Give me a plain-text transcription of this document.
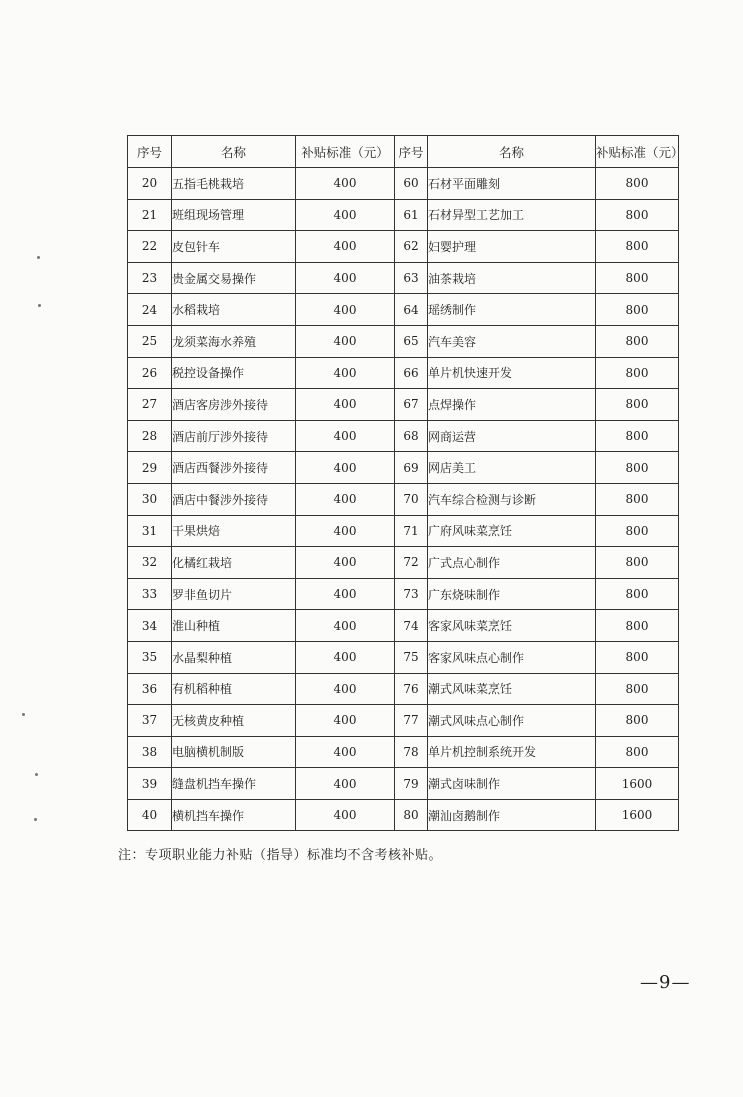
序号	名称	补贴标准（元）	序号	名称	补贴标准（元）
20	五指毛桃栽培	400	60	石材平面雕刻	800
21	班组现场管理	400	61	石材异型工艺加工	800
22	皮包针车	400	62	妇婴护理	800
23	贵金属交易操作	400	63	油茶栽培	800
24	水稻栽培	400	64	瑶绣制作	800
25	龙须菜海水养殖	400	65	汽车美容	800
26	税控设备操作	400	66	单片机快速开发	800
27	酒店客房涉外接待	400	67	点焊操作	800
28	酒店前厅涉外接待	400	68	网商运营	800
29	酒店西餐涉外接待	400	69	网店美工	800
30	酒店中餐涉外接待	400	70	汽车综合检测与诊断	800
31	干果烘焙	400	71	广府风味菜烹饪	800
32	化橘红栽培	400	72	广式点心制作	800
33	罗非鱼切片	400	73	广东烧味制作	800
34	淮山种植	400	74	客家风味菜烹饪	800
35	水晶梨种植	400	75	客家风味点心制作	800
36	有机稻种植	400	76	潮式风味菜烹饪	800
37	无核黄皮种植	400	77	潮式风味点心制作	800
38	电脑横机制版	400	78	单片机控制系统开发	800
39	缝盘机挡车操作	400	79	潮式卤味制作	1600
40	横机挡车操作	400	80	潮汕卤鹅制作	1600
注：专项职业能力补贴（指导）标准均不含考核补贴。
—9—
